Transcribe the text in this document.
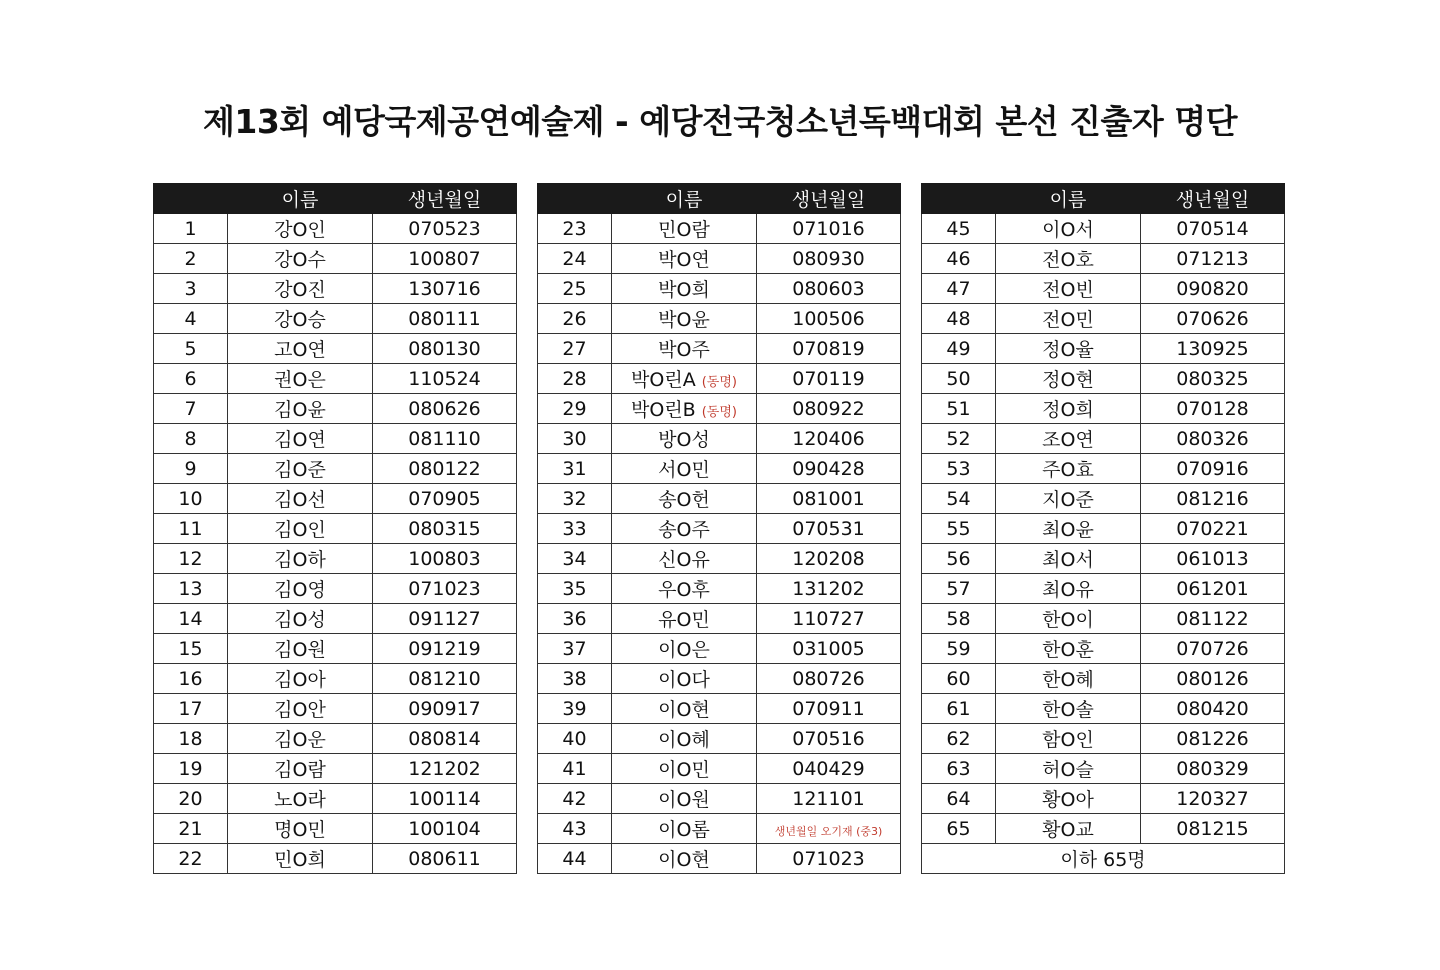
제13회 예당국제공연예술제 - 예당전국청소년독백대회 본선 진출자 명단
	이름	생년월일
1	강O인	070523
2	강O수	100807
3	강O진	130716
4	강O승	080111
5	고O연	080130
6	권O은	110524
7	김O윤	080626
8	김O연	081110
9	김O준	080122
10	김O선	070905
11	김O인	080315
12	김O하	100803
13	김O영	071023
14	김O성	091127
15	김O원	091219
16	김O아	081210
17	김O안	090917
18	김O운	080814
19	김O람	121202
20	노O라	100114
21	명O민	100104
22	민O희	080611
	이름	생년월일
23	민O람	071016
24	박O연	080930
25	박O희	080603
26	박O윤	100506
27	박O주	070819
28	박O린A (동명)	070119
29	박O린B (동명)	080922
30	방O성	120406
31	서O민	090428
32	송O헌	081001
33	송O주	070531
34	신O유	120208
35	우O후	131202
36	유O민	110727
37	이O은	031005
38	이O다	080726
39	이O현	070911
40	이O혜	070516
41	이O민	040429
42	이O원	121101
43	이O롬	생년월일 오기재 (중3)
44	이O현	071023
	이름	생년월일
45	이O서	070514
46	전O호	071213
47	전O빈	090820
48	전O민	070626
49	정O율	130925
50	정O현	080325
51	정O희	070128
52	조O연	080326
53	주O효	070916
54	지O준	081216
55	최O윤	070221
56	최O서	061013
57	최O유	061201
58	한O이	081122
59	한O훈	070726
60	한O혜	080126
61	한O솔	080420
62	함O인	081226
63	허O슬	080329
64	황O아	120327
65	황O교	081215
이하 65명		
